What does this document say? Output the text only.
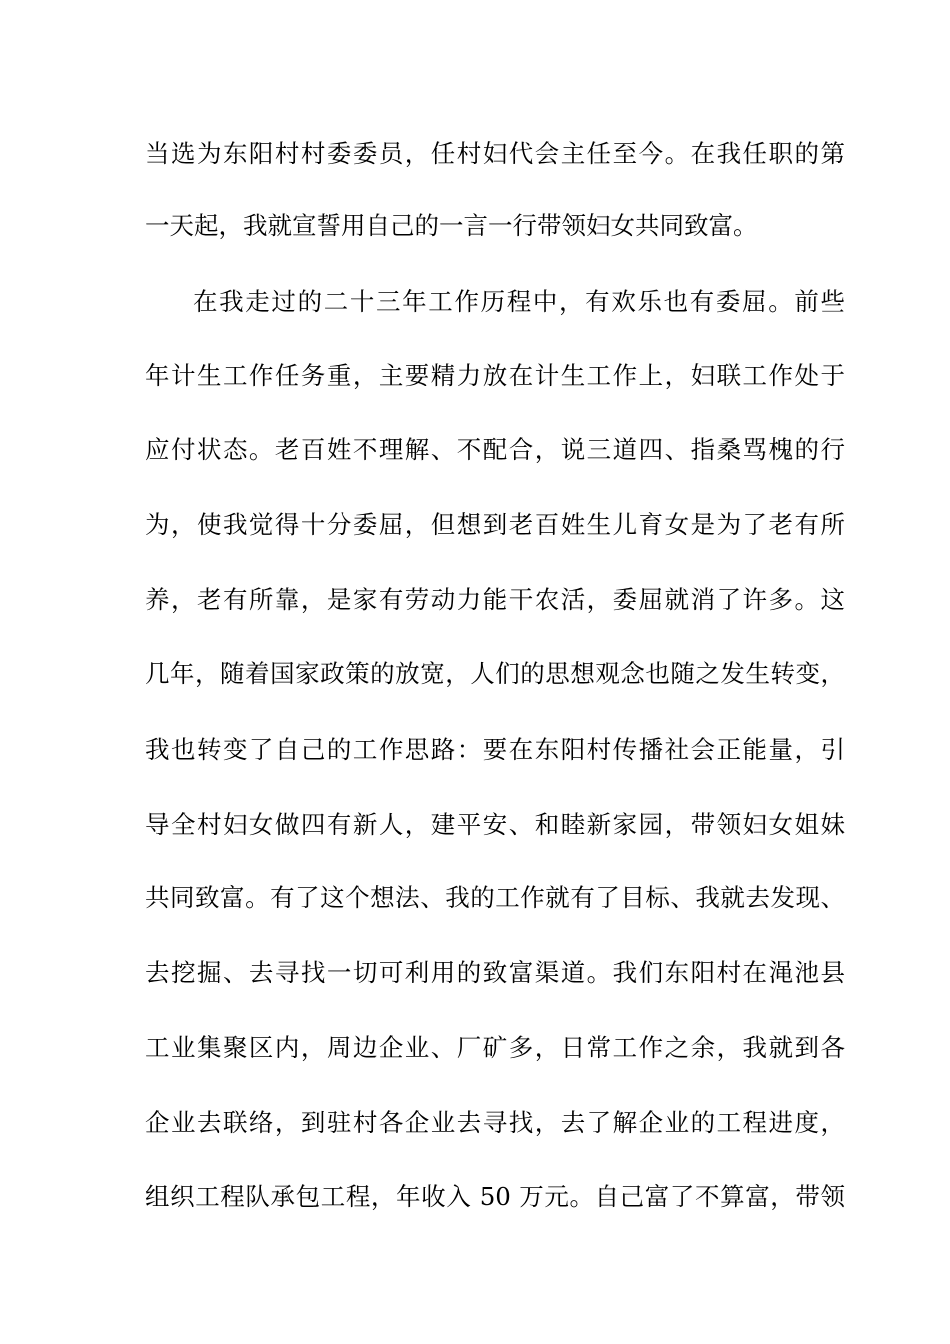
当选为东阳村村委委员，任村妇代会主任至今。在我任职的第
一天起，我就宣誓用自己的一言一行带领妇女共同致富。
在我走过的二十三年工作历程中，有欢乐也有委屈。前些
年计生工作任务重，主要精力放在计生工作上，妇联工作处于
应付状态。老百姓不理解、不配合，说三道四、指桑骂槐的行
为，使我觉得十分委屈，但想到老百姓生儿育女是为了老有所
养，老有所靠，是家有劳动力能干农活，委屈就消了许多。这
几年，随着国家政策的放宽，人们的思想观念也随之发生转变，
我也转变了自己的工作思路：要在东阳村传播社会正能量，引
导全村妇女做四有新人，建平安、和睦新家园，带领妇女姐妹
共同致富。有了这个想法、我的工作就有了目标、我就去发现、
去挖掘、去寻找一切可利用的致富渠道。我们东阳村在渑池县
工业集聚区内，周边企业、厂矿多，日常工作之余，我就到各
企业去联络，到驻村各企业去寻找，去了解企业的工程进度，
组织工程队承包工程，年收入 50 万元。自己富了不算富，带领
